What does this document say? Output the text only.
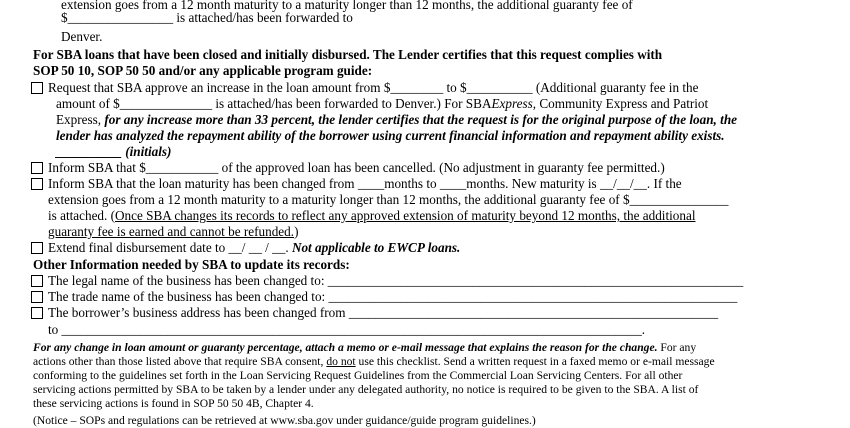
extension goes from a 12 month maturity to a maturity longer than 12 months, the additional guaranty fee of
$________________ is attached/has been forwarded to
Denver.
For SBA loans that have been closed and initially disbursed. The Lender certifies that this request complies with
SOP 50 10, SOP 50 50 and/or any applicable program guide:
Request that SBA approve an increase in the loan amount from $________ to $__________ (Additional guaranty fee in the
amount of $______________ is attached/has been forwarded to Denver.) For SBAExpress, Community Express and Patriot
Express, for any increase more than 33 percent, the lender certifies that the request is for the original purpose of the loan, the
lender has analyzed the repayment ability of the borrower using current financial information and repayment ability exists.
__________ (initials)
Inform SBA that $___________ of the approved loan has been cancelled. (No adjustment in guaranty fee permitted.)
Inform SBA that the loan maturity has been changed from ____months to ____months. New maturity is __/__/__. If the
extension goes from a 12 month maturity to a maturity longer than 12 months, the additional guaranty fee of $_______________
is attached. (Once SBA changes its records to reflect any approved extension of maturity beyond 12 months, the additional
guaranty fee is earned and cannot be refunded.)
Extend final disbursement date to __/ __ / __. Not applicable to EWCP loans.
Other Information needed by SBA to update its records:
The legal name of the business has been changed to: _______________________________________________________________
The trade name of the business has been changed to: ______________________________________________________________
The borrower’s business address has been changed from ________________________________________________________
to ________________________________________________________________________________________.
For any change in loan amount or guaranty percentage, attach a memo or e-mail message that explains the reason for the change. For any
actions other than those listed above that require SBA consent, do not use this checklist. Send a written request in a faxed memo or e-mail message
conforming to the guidelines set forth in the Loan Servicing Request Guidelines from the Commercial Loan Servicing Centers. For all other
servicing actions permitted by SBA to be taken by a lender under any delegated authority, no notice is required to be given to the SBA. A list of
these servicing actions is found in SOP 50 50 4B, Chapter 4.
(Notice – SOPs and regulations can be retrieved at www.sba.gov under guidance/guide program guidelines.)
